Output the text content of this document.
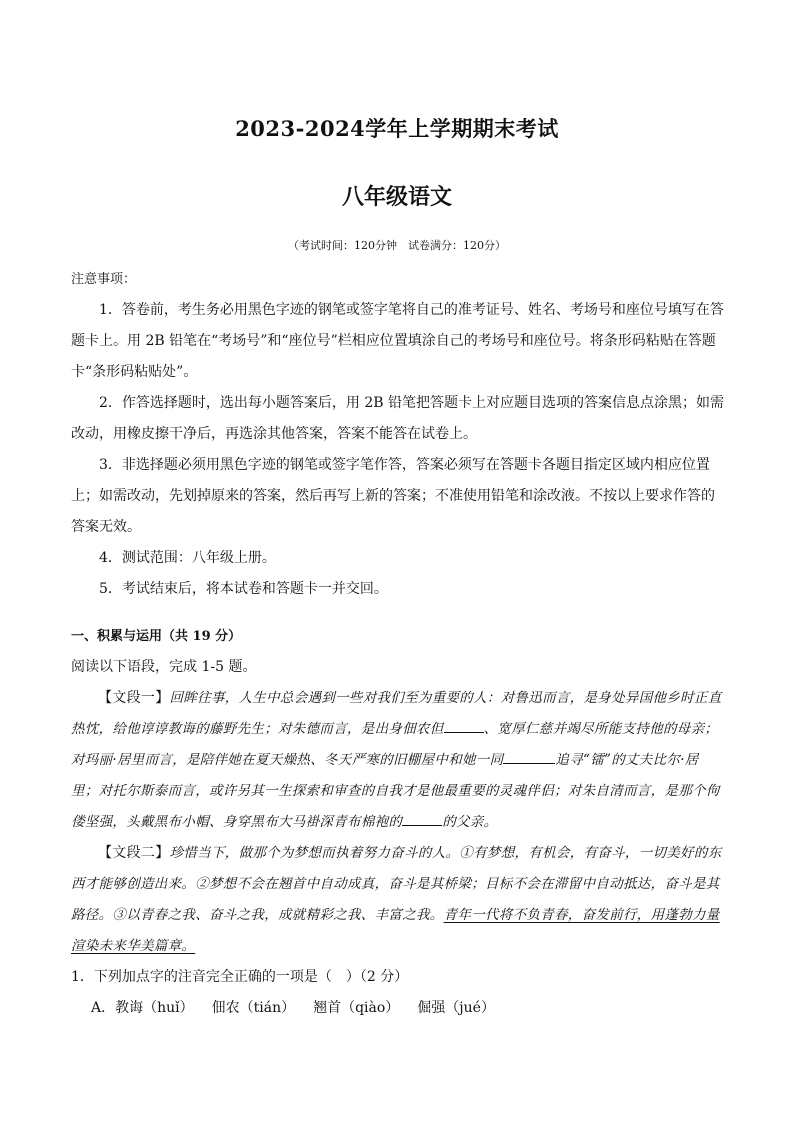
2023-2024学年上学期期末考试
八年级语文
（考试时间：120分钟　试卷满分：120分）

注意事项：

1．答卷前，考生务必用黑色字迹的钢笔或签字笔将自己的准考证号、姓名、考场号和座位号填写在答题卡上。用 2B 铅笔在“考场号”和“座位号”栏相应位置填涂自己的考场号和座位号。将条形码粘贴在答题卡“条形码粘贴处”。

2．作答选择题时，选出每小题答案后，用 2B 铅笔把答题卡上对应题目选项的答案信息点涂黑；如需改动，用橡皮擦干净后，再选涂其他答案，答案不能答在试卷上。

3．非选择题必须用黑色字迹的钢笔或签字笔作答，答案必须写在答题卡各题目指定区域内相应位置上；如需改动，先划掉原来的答案，然后再写上新的答案；不准使用铅笔和涂改液。不按以上要求作答的答案无效。

4．测试范围：八年级上册。

5．考试结束后，将本试卷和答题卡一并交回。

一、积累与运用（共 19 分）

阅读以下语段，完成 1-5 题。

【文段一】回眸往事，人生中总会遇到一些对我们至为重要的人：对鲁迅而言，是身处异国他乡时正直热忱，给他谆谆教诲的藤野先生；对朱德而言，是出身佃农但	、宽厚仁慈并竭尽所能支持他的母亲；对玛丽·居里而言，是陪伴她在夏天燥热、冬天严寒的旧棚屋中和她一同	追寻“镭”的丈夫比尔·居里；对托尔斯泰而言，或许另其一生探索和审查的自我才是他最重要的灵魂伴侣；对朱自清而言，是那个佝偻坚强，头戴黑布小帽、身穿黑布大马褂深青布棉袍的	的父亲。

【文段二】珍惜当下，做那个为梦想而执着努力奋斗的人。①有梦想，有机会，有奋斗，一切美好的东西才能够创造出来。②梦想不会在翘首中自动成真，奋斗是其桥梁；目标不会在滞留中自动抵达，奋斗是其路径。③以青春之我、奋斗之我，成就精彩之我、丰富之我。青年一代将不负青春，奋发前行，用蓬勃力量渲染未来华美篇章。

1．下列加点字的注音完全正确的一项是（　）（2 分）

A．教诲（huǐ） 佃农（tián） 翘首（qiào） 倔强（jué）
